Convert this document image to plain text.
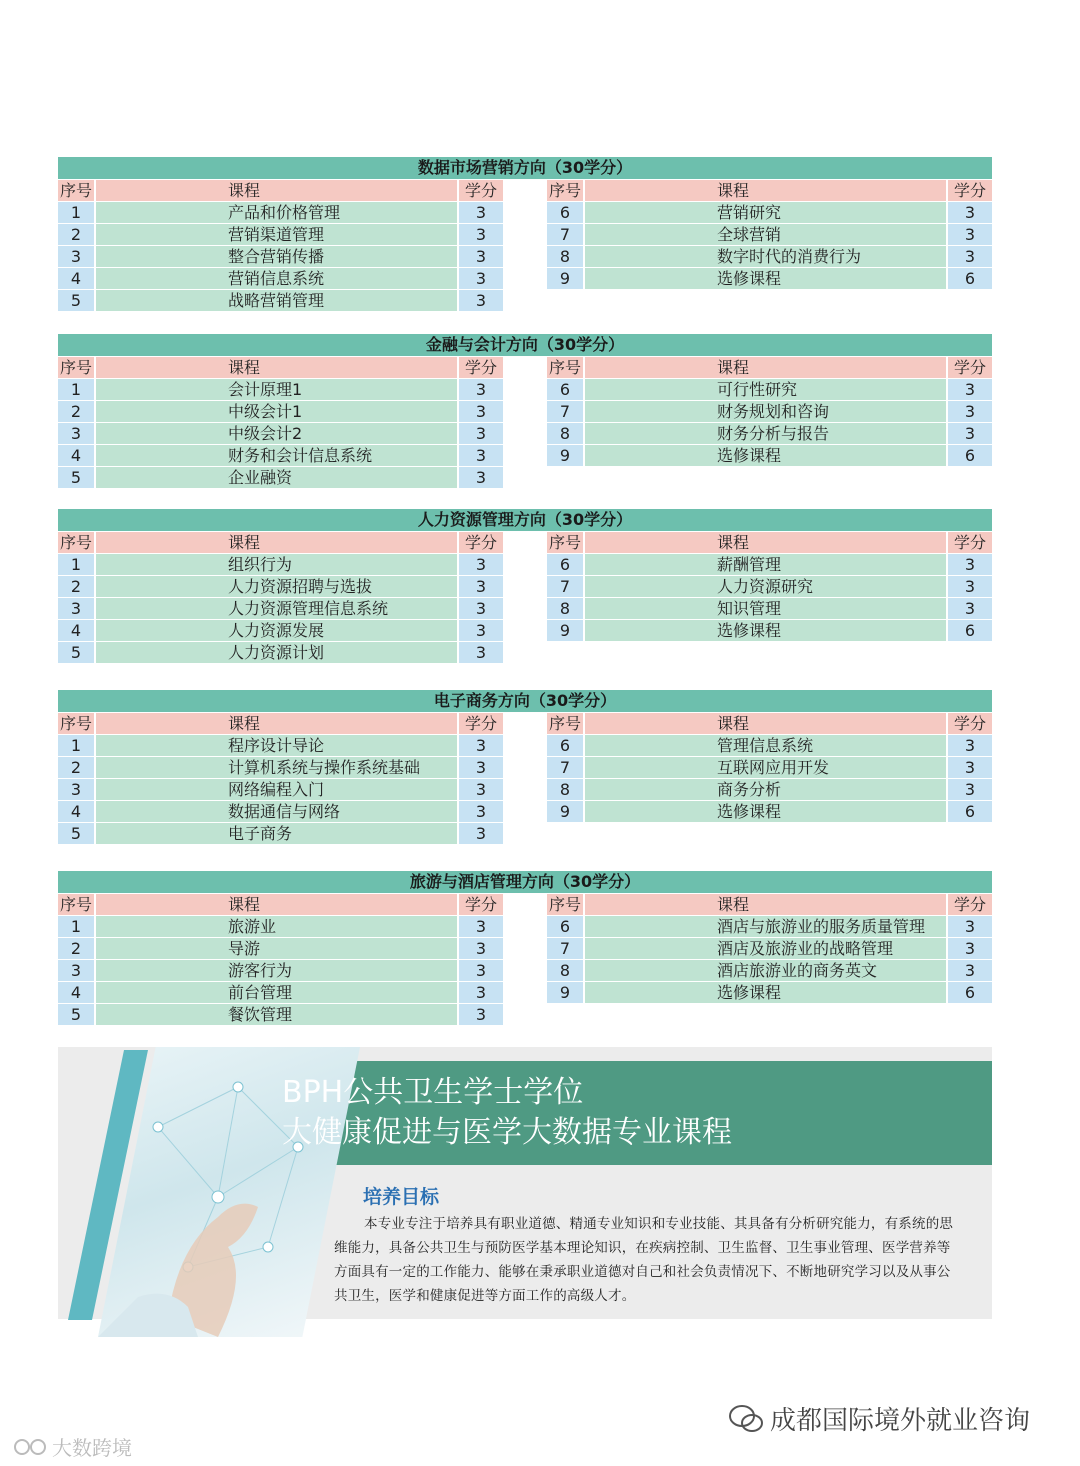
数据市场营销方向（30学分）
序号	课程	学分
1	产品和价格管理	3
2	营销渠道管理	3
3	整合营销传播	3
4	营销信息系统	3
5	战略营销管理	3
序号	课程	学分
6	营销研究	3
7	全球营销	3
8	数字时代的消费行为	3
9	选修课程	6
金融与会计方向（30学分）
序号	课程	学分
1	会计原理1	3
2	中级会计1	3
3	中级会计2	3
4	财务和会计信息系统	3
5	企业融资	3
序号	课程	学分
6	可行性研究	3
7	财务规划和咨询	3
8	财务分析与报告	3
9	选修课程	6
人力资源管理方向（30学分）
序号	课程	学分
1	组织行为	3
2	人力资源招聘与选拔	3
3	人力资源管理信息系统	3
4	人力资源发展	3
5	人力资源计划	3
序号	课程	学分
6	薪酬管理	3
7	人力资源研究	3
8	知识管理	3
9	选修课程	6
电子商务方向（30学分）
序号	课程	学分
1	程序设计导论	3
2	计算机系统与操作系统基础	3
3	网络编程入门	3
4	数据通信与网络	3
5	电子商务	3
序号	课程	学分
6	管理信息系统	3
7	互联网应用开发	3
8	商务分析	3
9	选修课程	6
旅游与酒店管理方向（30学分）
序号	课程	学分
1	旅游业	3
2	导游	3
3	游客行为	3
4	前台管理	3
5	餐饮管理	3
序号	课程	学分
6	酒店与旅游业的服务质量管理	3
7	酒店及旅游业的战略管理	3
8	酒店旅游业的商务英文	3
9	选修课程	6
BPH公共卫生学士学位
大健康促进与医学大数据专业课程
培养目标
本专业专注于培养具有职业道德、精通专业知识和专业技能、其具备有分析研究能力，有系统的思维能力，具备公共卫生与预防医学基本理论知识，在疾病控制、卫生监督、卫生事业管理、医学营养等方面具有一定的工作能力、能够在秉承职业道德对自己和社会负责情况下、不断地研究学习以及从事公共卫生，医学和健康促进等方面工作的高级人才。
成都国际境外就业咨询
大数跨境
